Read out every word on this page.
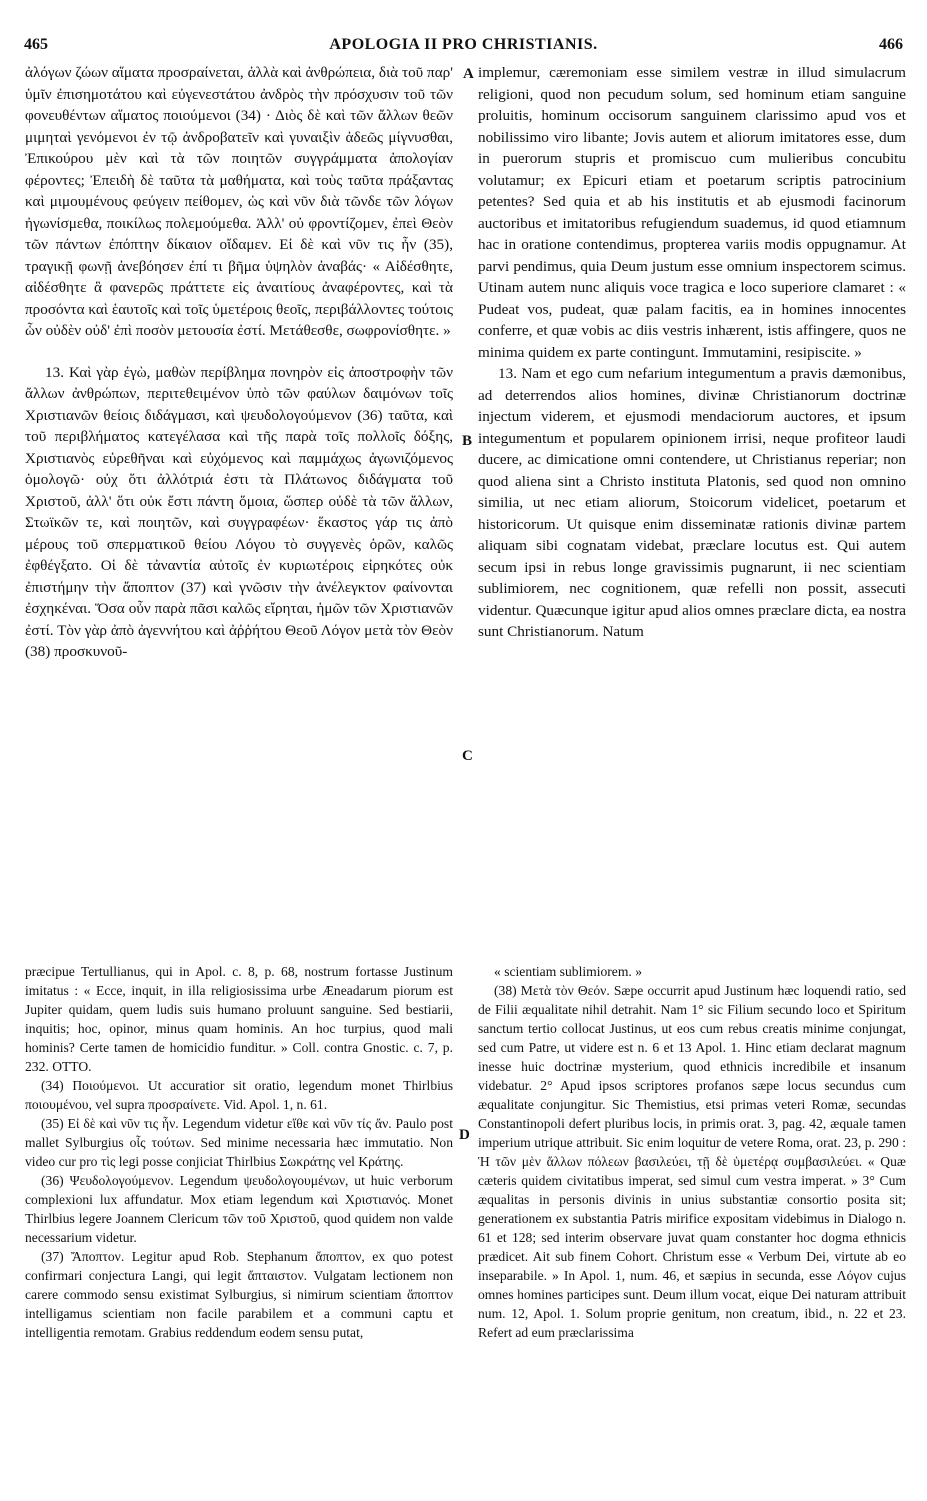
465	APOLOGIA II PRO CHRISTIANIS.	466
A
B
C
D

ἀλόγων ζώων αἵματα προσραίνεται, ἀλλὰ καὶ ἀνθρώπεια, διὰ τοῦ παρ' ὑμῖν ἐπισημοτάτου καὶ εὐγενεστάτου ἀνδρὸς τὴν πρόσχυσιν τοῦ τῶν φονευθέντων αἵματος ποιούμενοι (34) · Διὸς δὲ καὶ τῶν ἄλλων θεῶν μιμηταὶ γενόμενοι ἐν τῷ ἀνδροβατεῖν καὶ γυναιξὶν ἀδεῶς μίγνυσθαι, Ἐπικούρου μὲν καὶ τὰ τῶν ποιητῶν συγγράμματα ἀπολογίαν φέροντες; Ἐπειδὴ δὲ ταῦτα τὰ μαθήματα, καὶ τοὺς ταῦτα πράξαντας καὶ μιμουμένους φεύγειν πείθομεν, ὡς καὶ νῦν διὰ τῶνδε τῶν λόγων ἠγωνίσμεθα, ποικίλως πολεμούμεθα. Ἀλλ' οὐ φροντίζομεν, ἐπεὶ Θεὸν τῶν πάντων ἐπόπτην δίκαιον οἴδαμεν. Εἰ δὲ καὶ νῦν τις ἦν (35), τραγικῇ φωνῇ ἀνεβόησεν ἐπί τι βῆμα ὑψηλὸν ἀναβάς· « Αἰδέσθητε, αἰδέσθητε ἃ φανερῶς πράττετε εἰς ἀναιτίους ἀναφέροντες, καὶ τὰ προσόντα καὶ ἑαυτοῖς καὶ τοῖς ὑμετέροις θεοῖς, περιβάλλοντες τούτοις ὧν οὐδὲν οὐδ' ἐπὶ ποσὸν μετουσία ἐστί. Μετάθεσθε, σωφρονίσθητε. »

13. Καὶ γὰρ ἐγὼ, μαθὼν περίβλημα πονηρὸν εἰς ἀποστροφὴν τῶν ἄλλων ἀνθρώπων, περιτεθειμένον ὑπὸ τῶν φαύλων δαιμόνων τοῖς Χριστιανῶν θείοις διδάγμασι, καὶ ψευδολογούμενον (36) ταῦτα, καὶ τοῦ περιβλήματος κατεγέλασα καὶ τῆς παρὰ τοῖς πολλοῖς δόξης, Χριστιανὸς εὑρεθῆναι καὶ εὐχόμενος καὶ παμμάχως ἀγωνιζόμενος ὁμολογῶ· οὐχ ὅτι ἀλλότριά ἐστι τὰ Πλάτωνος διδάγματα τοῦ Χριστοῦ, ἀλλ' ὅτι οὐκ ἔστι πάντη ὅμοια, ὥσπερ οὐδὲ τὰ τῶν ἄλλων, Στωϊκῶν τε, καὶ ποιητῶν, καὶ συγγραφέων· ἕκαστος γάρ τις ἀπὸ μέρους τοῦ σπερματικοῦ θείου Λόγου τὸ συγγενὲς ὁρῶν, καλῶς ἐφθέγξατο. Οἱ δὲ τἀναντία αὐτοῖς ἐν κυριωτέροις εἰρηκότες οὐκ ἐπιστήμην τὴν ἄποπτον (37) καὶ γνῶσιν τὴν ἀνέλεγκτον φαίνονται ἐσχηκέναι. Ὅσα οὖν παρὰ πᾶσι καλῶς εἴρηται, ἡμῶν τῶν Χριστιανῶν ἐστί. Τὸν γὰρ ἀπὸ ἀγεννήτου καὶ ἀῤῥήτου Θεοῦ Λόγον μετὰ τὸν Θεὸν (38) προσκυνοῦ-

implemur, cæremoniam esse similem vestræ in illud simulacrum religioni, quod non pecudum solum, sed hominum etiam sanguine proluitis, hominum occisorum sanguinem clarissimo apud vos et nobilissimo viro libante; Jovis autem et aliorum imitatores esse, dum in puerorum stupris et promiscuo cum mulieribus concubitu volutamur; ex Epicuri etiam et poetarum scriptis patrocinium petentes? Sed quia et ab his institutis et ab ejusmodi facinorum auctoribus et imitatoribus refugiendum suademus, id quod etiamnum hac in oratione contendimus, propterea variis modis oppugnamur. At parvi pendimus, quia Deum justum esse omnium inspectorem scimus. Utinam autem nunc aliquis voce tragica e loco superiore clamaret : « Pudeat vos, pudeat, quæ palam facitis, ea in homines innocentes conferre, et quæ vobis ac diis vestris inhærent, istis affingere, quos ne minima quidem ex parte contingunt. Immutamini, resipiscite. »

13. Nam et ego cum nefarium integumentum a pravis dæmonibus, ad deterrendos alios homines, divinæ Christianorum doctrinæ injectum viderem, et ejusmodi mendaciorum auctores, et ipsum integumentum et popularem opinionem irrisi, neque profiteor laudi ducere, ac dimicatione omni contendere, ut Christianus reperiar; non quod aliena sint a Christo instituta Platonis, sed quod non omnino similia, ut nec etiam aliorum, Stoicorum videlicet, poetarum et historicorum. Ut quisque enim disseminatæ rationis divinæ partem aliquam sibi cognatam videbat, præclare locutus est. Qui autem secum ipsi in rebus longe gravissimis pugnarunt, ii nec scientiam sublimiorem, nec cognitionem, quæ refelli non possit, assecuti videntur. Quæcunque igitur apud alios omnes præclare dicta, ea nostra sunt Christianorum. Natum

præcipue Tertullianus, qui in Apol. c. 8, p. 68, nostrum fortasse Justinum imitatus : « Ecce, inquit, in illa religiosissima urbe Æneadarum piorum est Jupiter quidam, quem ludis suis humano proluunt sanguine. Sed bestiarii, inquitis; hoc, opinor, minus quam hominis. An hoc turpius, quod mali hominis? Certe tamen de homicidio funditur. » Coll. contra Gnostic. c. 7, p. 232. OTTO.

(34) Ποιούμενοι. Ut accuratior sit oratio, legendum monet Thirlbius ποιουμένου, vel supra προσραίνετε. Vid. Apol. 1, n. 61.

(35) Εἰ δὲ καὶ νῦν τις ἦν. Legendum videtur εἴθε καὶ νῦν τίς ἄν. Paulo post mallet Sylburgius οἷς τούτων. Sed minime necessaria hæc immutatio. Non video cur pro τὶς legi posse conjiciat Thirlbius Σωκράτης vel Κράτης.

(36) Ψευδολογούμενον. Legendum ψευδολογουμένων, ut huic verborum complexioni lux affundatur. Mox etiam legendum καὶ Χριστιανός. Monet Thirlbius legere Joannem Clericum τῶν τοῦ Χριστοῦ, quod quidem non valde necessarium videtur.

(37) Ἄποπτον. Legitur apud Rob. Stephanum ἄποπτον, ex quo potest confirmari conjectura Langi, qui legit ἄπταιστον. Vulgatam lectionem non carere commodo sensu existimat Sylburgius, si nimirum scientiam ἄποπτον intelligamus scientiam non facile parabilem et a communi captu et intelligentia remotam. Grabius reddendum eodem sensu putat,

« scientiam sublimiorem. »

(38) Μετὰ τὸν Θεόν. Sæpe occurrit apud Justinum hæc loquendi ratio, sed de Filii æqualitate nihil detrahit. Nam 1° sic Filium secundo loco et Spiritum sanctum tertio collocat Justinus, ut eos cum rebus creatis minime conjungat, sed cum Patre, ut videre est n. 6 et 13 Apol. 1. Hinc etiam declarat magnum inesse huic doctrinæ mysterium, quod ethnicis incredibile et insanum videbatur. 2° Apud ipsos scriptores profanos sæpe locus secundus cum æqualitate conjungitur. Sic Themistius, etsi primas veteri Romæ, secundas Constantinopoli defert pluribus locis, in primis orat. 3, pag. 42, æquale tamen imperium utrique attribuit. Sic enim loquitur de vetere Roma, orat. 23, p. 290 : Ἡ τῶν μὲν ἄλλων πόλεων βασιλεύει, τῇ δὲ ὑμετέρᾳ συμβασιλεύει. « Quæ cæteris quidem civitatibus imperat, sed simul cum vestra imperat. » 3° Cum æqualitas in personis divinis in unius substantiæ consortio posita sit; generationem ex substantia Patris mirifice expositam videbimus in Dialogo n. 61 et 128; sed interim observare juvat quam constanter hoc dogma ethnicis prædicet. Ait sub finem Cohort. Christum esse « Verbum Dei, virtute ab eo inseparabile. » In Apol. 1, num. 46, et sæpius in secunda, esse Λόγον cujus omnes homines participes sunt. Deum illum vocat, eique Dei naturam attribuit num. 12, Apol. 1. Solum proprie genitum, non creatum, ibid., n. 22 et 23. Refert ad eum præclarissima
